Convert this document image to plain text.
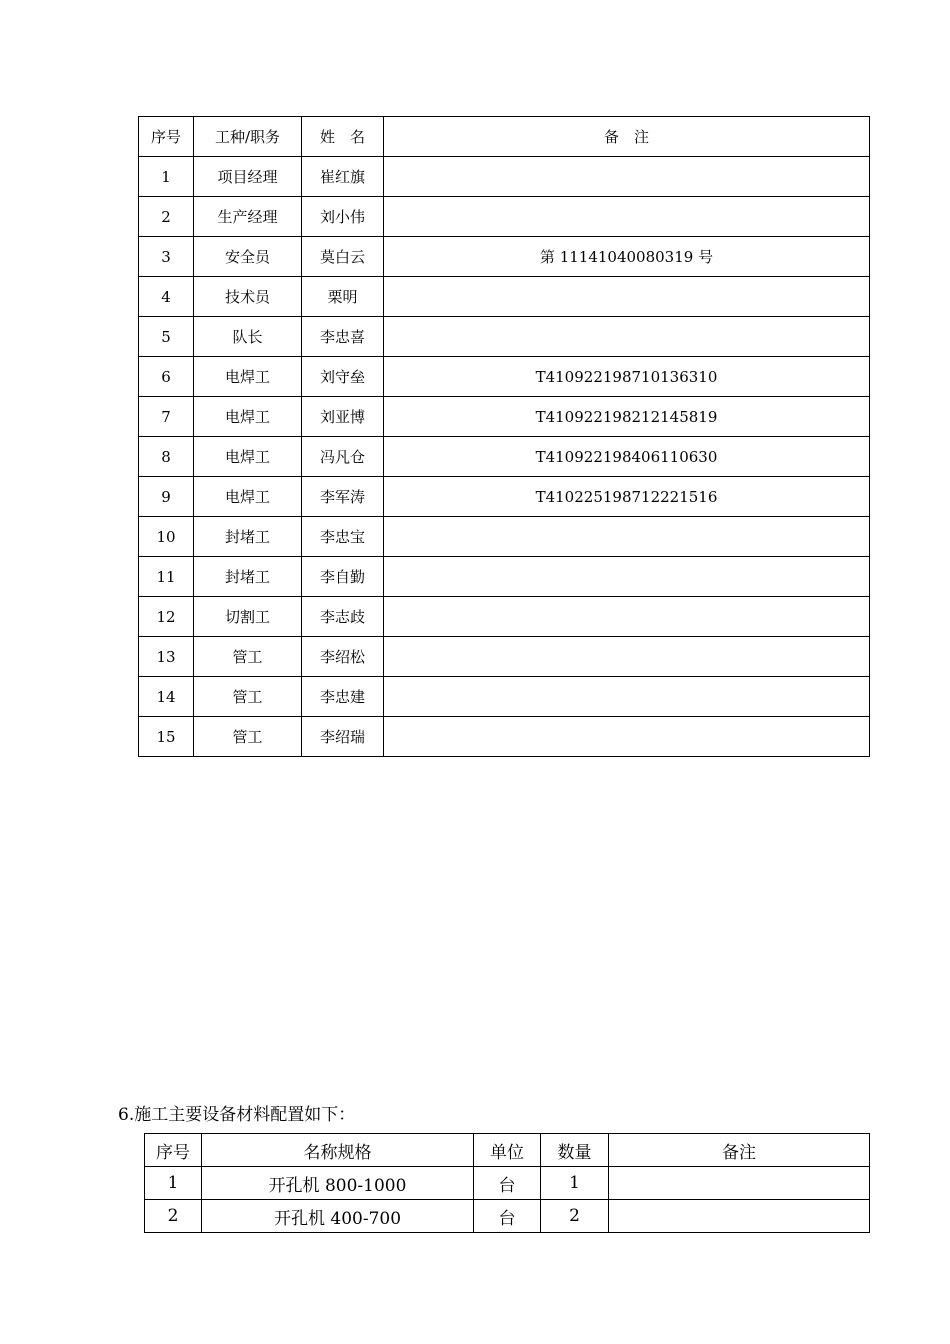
序号	工种/职务	姓　名	备　注
1	项目经理	崔红旗	
2	生产经理	刘小伟	
3	安全员	莫白云	第 11141040080319 号
4	技术员	栗明	
5	队长	李忠喜	
6	电焊工	刘守垒	T410922198710136310
7	电焊工	刘亚博	T410922198212145819
8	电焊工	冯凡仓	T410922198406110630
9	电焊工	李军涛	T410225198712221516
10	封堵工	李忠宝	
11	封堵工	李自勤	
12	切割工	李志歧	
13	管工	李绍松	
14	管工	李忠建	
15	管工	李绍瑞	

6.施工主要设备材料配置如下：

序号	名称规格	单位	数量	备注
1	开孔机 800-1000	台	1	
2	开孔机 400-700	台	2	
